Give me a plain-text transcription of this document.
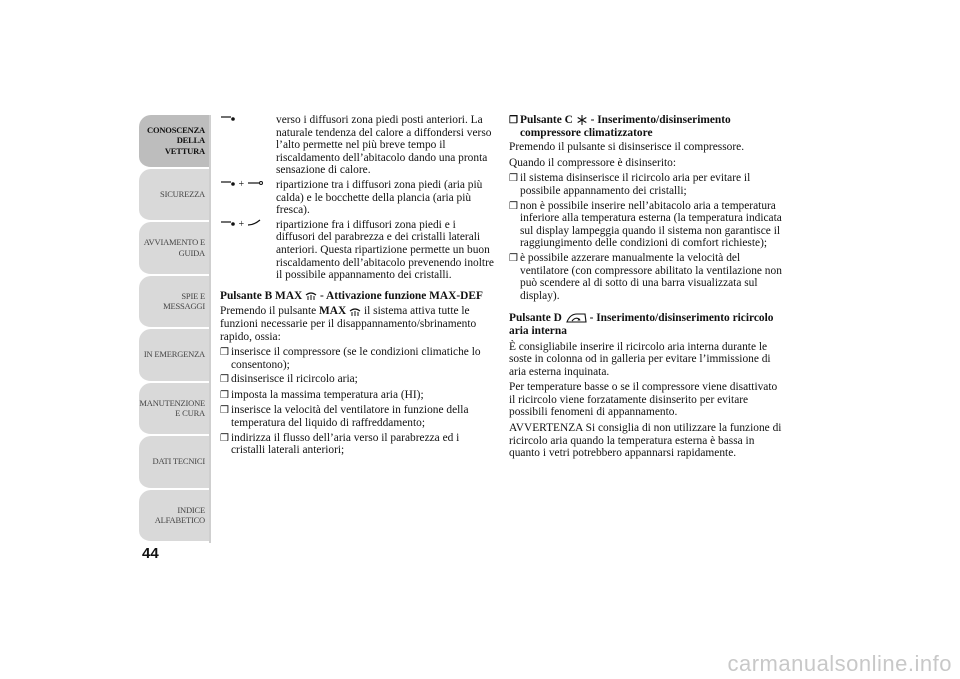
CONOSCENZA DELLA VETTURA
SICUREZZA
AVVIAMENTO E GUIDA
SPIE E MESSAGGI
IN EMERGENZA
MANUTENZIONE E CURA
DATI TECNICI
INDICE ALFABETICO
44
verso i diffusori zona piedi posti anteriori. La naturale tendenza del calore a diffondersi verso l’alto permette nel più breve tempo il riscaldamento dell’abitacolo dando una pronta sensazione di calore.
+	ripartizione tra i diffusori zona piedi (aria più calda) e le bocchette della plancia (aria più fresca).
+	ripartizione fra i diffusori zona piedi e i diffusori del parabrezza e dei cristalli laterali anteriori. Questa ripartizione permette un buon riscaldamento dell’abitacolo prevenendo inoltre il possibile appannamento dei cristalli.

Pulsante B MAX - Attivazione funzione MAX-DEF

Premendo il pulsante MAX il sistema attiva tutte le funzioni necessarie per il disappannamento/sbrinamento rapido, ossia:

❒ inserisce il compressore (se le condizioni climatiche lo consentono);
❒ disinserisce il ricircolo aria;
❒ imposta la massima temperatura aria (HI);
❒ inserisce la velocità del ventilatore in funzione della temperatura del liquido di raffreddamento;
❒ indirizza il flusso dell’aria verso il parabrezza ed i cristalli laterali anteriori;
❒ Pulsante C - Inserimento/disinserimento compressore climatizzatore

Premendo il pulsante si disinserisce il compressore.

Quando il compressore è disinserito:

❒ il sistema disinserisce il ricircolo aria per evitare il possibile appannamento dei cristalli;
❒ non è possibile inserire nell’abitacolo aria a temperatura inferiore alla temperatura esterna (la temperatura indicata sul display lampeggia quando il sistema non garantisce il raggiungimento delle condizioni di comfort richieste);
❒ è possibile azzerare manualmente la velocità del ventilatore (con compressore abilitato la ventilazione non può scendere al di sotto di una barra visualizzata sul display).

Pulsante D - Inserimento/disinserimento ricircolo aria interna

È consigliabile inserire il ricircolo aria interna durante le soste in colonna od in galleria per evitare l’immissione di aria esterna inquinata.

Per temperature basse o se il compressore viene disattivato il ricircolo viene forzatamente disinserito per evitare possibili fenomeni di appannamento.

AVVERTENZA Si consiglia di non utilizzare la funzione di ricircolo aria quando la temperatura esterna è bassa in quanto i vetri potrebbero appannarsi rapidamente.

carmanualsonline.info
